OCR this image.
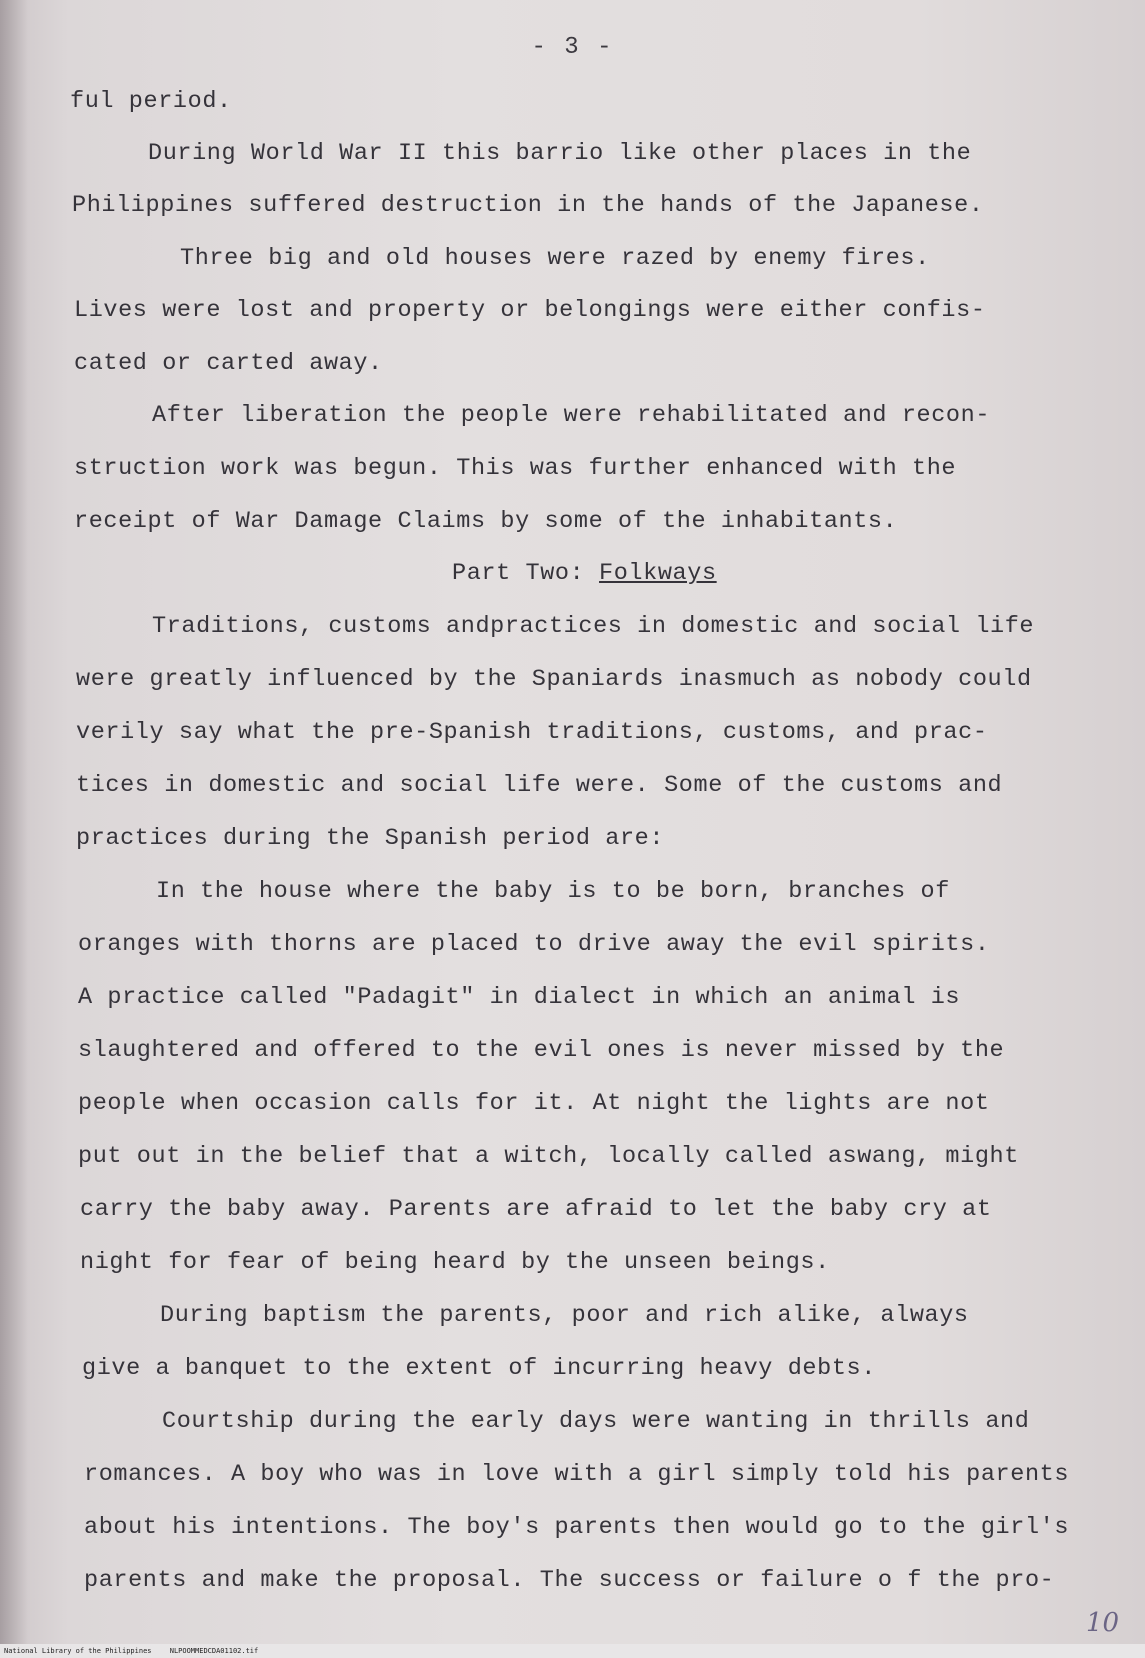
- 3 -
ful period.
During World War II this barrio like other places in the
Philippines suffered destruction in the hands of the Japanese.
Three big and old houses were razed by enemy fires.
Lives were lost and property or belongings were either confis-
cated or carted away.
After liberation the people were rehabilitated and recon-
struction work was begun. This was further enhanced with the
receipt of War Damage Claims by some of the inhabitants.
Part Two: Folkways
Traditions, customs andpractices in domestic and social life
were greatly influenced by the Spaniards inasmuch as nobody could
verily say what the pre-Spanish traditions, customs, and prac-
tices in domestic and social life were. Some of the customs and
practices during the Spanish period are:
In the house where the baby is to be born, branches of
oranges with thorns are placed to drive away the evil spirits.
A practice called "Padagit" in dialect in which an animal is
slaughtered and offered to the evil ones is never missed by the
people when occasion calls for it. At night the lights are not
put out in the belief that a witch, locally called aswang, might
carry the baby away. Parents are afraid to let the baby cry at
night for fear of being heard by the unseen beings.
During baptism the parents, poor and rich alike, always
give a banquet to the extent of incurring heavy debts.
Courtship during the early days were wanting in thrills and
romances. A boy who was in love with a girl simply told his parents
about his intentions. The boy's parents then would go to the girl's
parents and make the proposal. The success or failure o f the pro-
10
National Library of the Philippines	NLPOOMMEDCDA01102.tif
